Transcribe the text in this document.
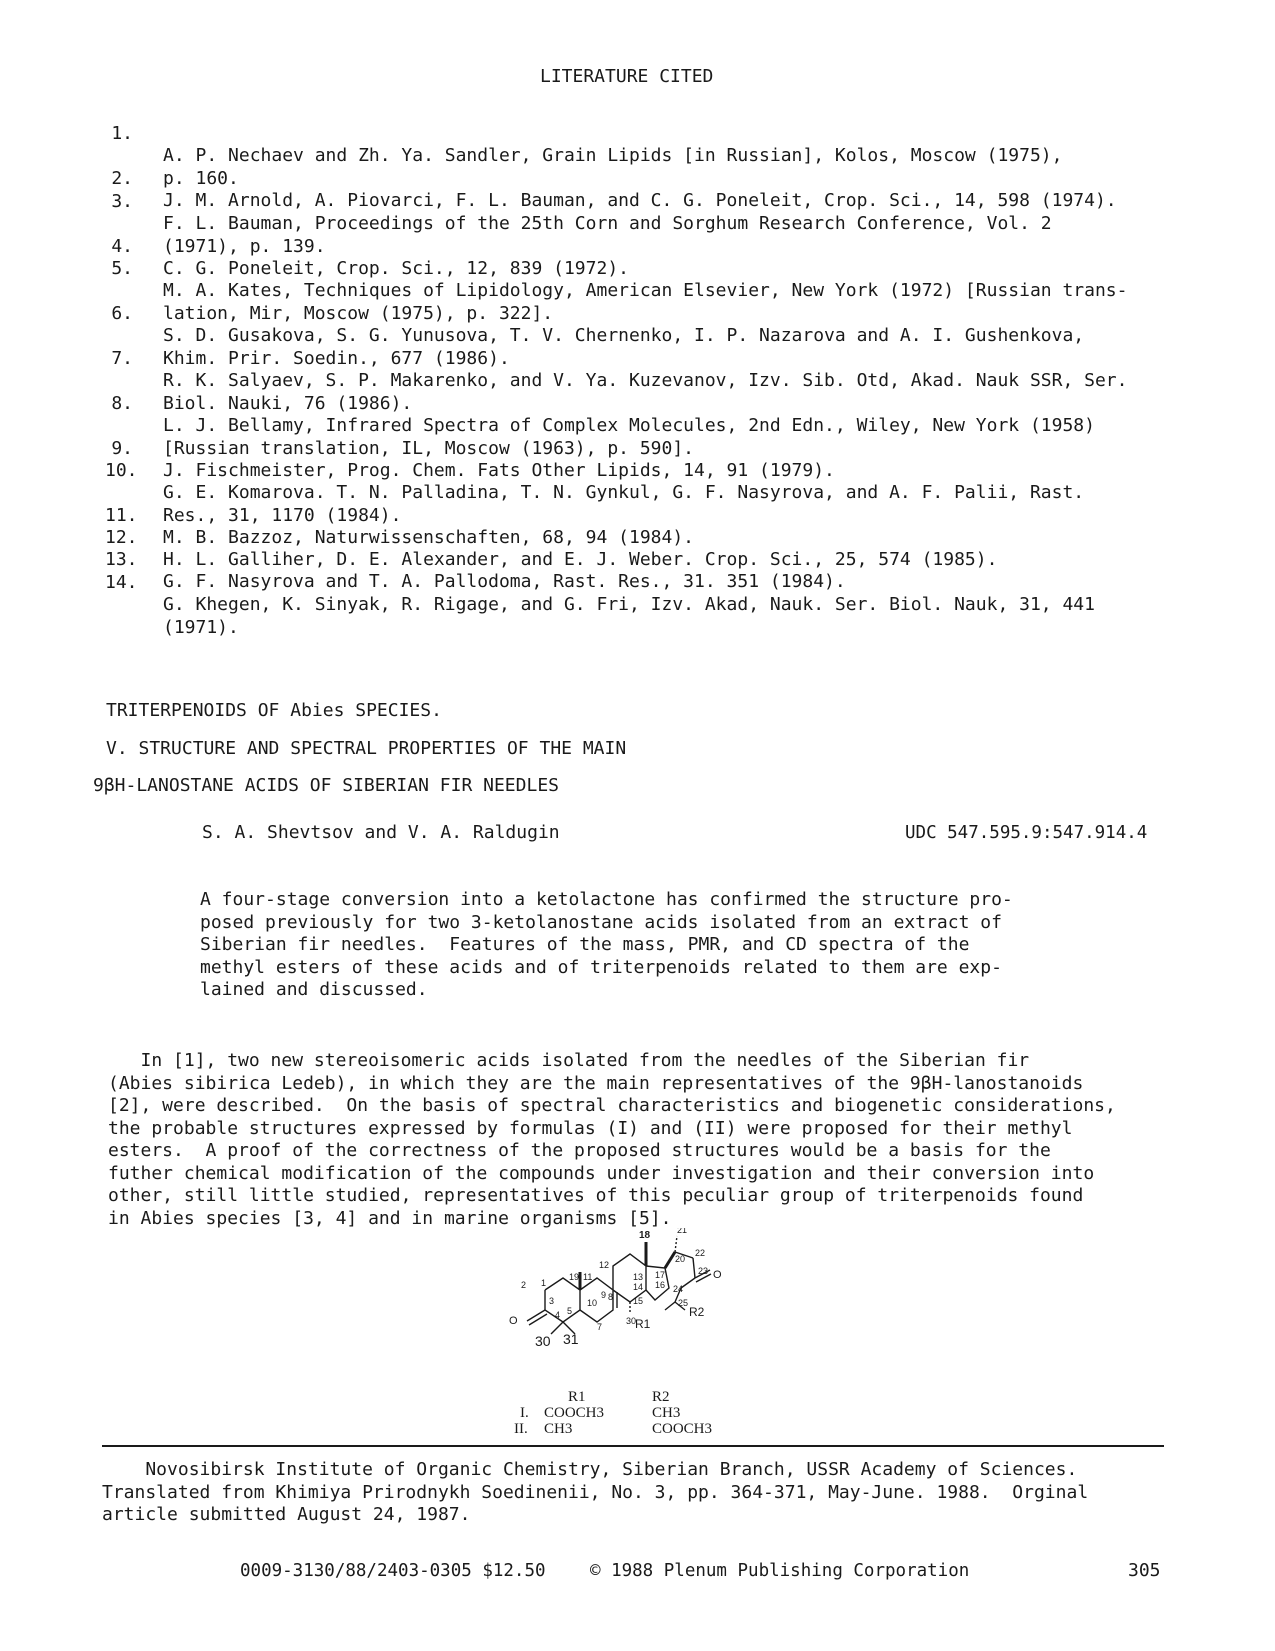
LITERATURE CITED

1.

A. P. Nechaev and Zh. Ya. Sandler, Grain Lipids [in Russian], Kolos, Moscow (1975),
p. 160.

2.

J. M. Arnold, A. Piovarci, F. L. Bauman, and C. G. Poneleit, Crop. Sci., 14, 598 (1974).

3.

F. L. Bauman, Proceedings of the 25th Corn and Sorghum Research Conference, Vol. 2
(1971), p. 139.

4.

C. G. Poneleit, Crop. Sci., 12, 839 (1972).

5.

M. A. Kates, Techniques of Lipidology, American Elsevier, New York (1972) [Russian trans-
lation, Mir, Moscow (1975), p. 322].

6.

S. D. Gusakova, S. G. Yunusova, T. V. Chernenko, I. P. Nazarova and A. I. Gushenkova,
Khim. Prir. Soedin., 677 (1986).

7.

R. K. Salyaev, S. P. Makarenko, and V. Ya. Kuzevanov, Izv. Sib. Otd, Akad. Nauk SSR, Ser.
Biol. Nauki, 76 (1986).

8.

L. J. Bellamy, Infrared Spectra of Complex Molecules, 2nd Edn., Wiley, New York (1958)
[Russian translation, IL, Moscow (1963), p. 590].

9.

J. Fischmeister, Prog. Chem. Fats Other Lipids, 14, 91 (1979).

10.

G. E. Komarova. T. N. Palladina, T. N. Gynkul, G. F. Nasyrova, and A. F. Palii, Rast.
Res., 31, 1170 (1984).

11.

M. B. Bazzoz, Naturwissenschaften, 68, 94 (1984).

12.

H. L. Galliher, D. E. Alexander, and E. J. Weber. Crop. Sci., 25, 574 (1985).

13.

G. F. Nasyrova and T. A. Pallodoma, Rast. Res., 31. 351 (1984).

14.

G. Khegen, K. Sinyak, R. Rigage, and G. Fri, Izv. Akad, Nauk. Ser. Biol. Nauk, 31, 441
(1971).

TRITERPENOIDS OF Abies SPECIES.
V. STRUCTURE AND SPECTRAL PROPERTIES OF THE MAIN
9βH-LANOSTANE ACIDS OF SIBERIAN FIR NEEDLES
S. A. Shevtsov and V. A. Raldugin	UDC 547.595.9:547.914.4
A four-stage conversion into a ketolactone has confirmed the structure pro-
posed previously for two 3-ketolanostane acids isolated from an extract of
Siberian fir needles.  Features of the mass, PMR, and CD spectra of the
methyl esters of these acids and of triterpenoids related to them are exp-
lained and discussed.
In [1], two new stereoisomeric acids isolated from the needles of the Siberian fir
(Abies sibirica Ledeb), in which they are the main representatives of the 9βH-lanostanoids
[2], were described.  On the basis of spectral characteristics and biogenetic considerations,
the probable structures expressed by formulas (I) and (II) were proposed for their methyl
esters.  A proof of the correctness of the proposed structures would be a basis for the
futher chemical modification of the compounds under investigation and their conversion into
other, still little studied, representatives of this peculiar group of triterpenoids found
in Abies species [3, 4] and in marine organisms [5].
18	21
12
20
22
11	13 17
19
14 16
23
1
15
2
9
24
O
3	10
8
30
4 5
25
O	7
R2
30 31
R1
R1	R2
I. COOCH3	CH3
II. CH3	COOCH3
Novosibirsk Institute of Organic Chemistry, Siberian Branch, USSR Academy of Sciences.
Translated from Khimiya Prirodnykh Soedinenii, No. 3, pp. 364-371, May-June. 1988.  Orginal
article submitted August 24, 1987.
0009-3130/88/2403-0305 $12.50	© 1988 Plenum Publishing Corporation	305
